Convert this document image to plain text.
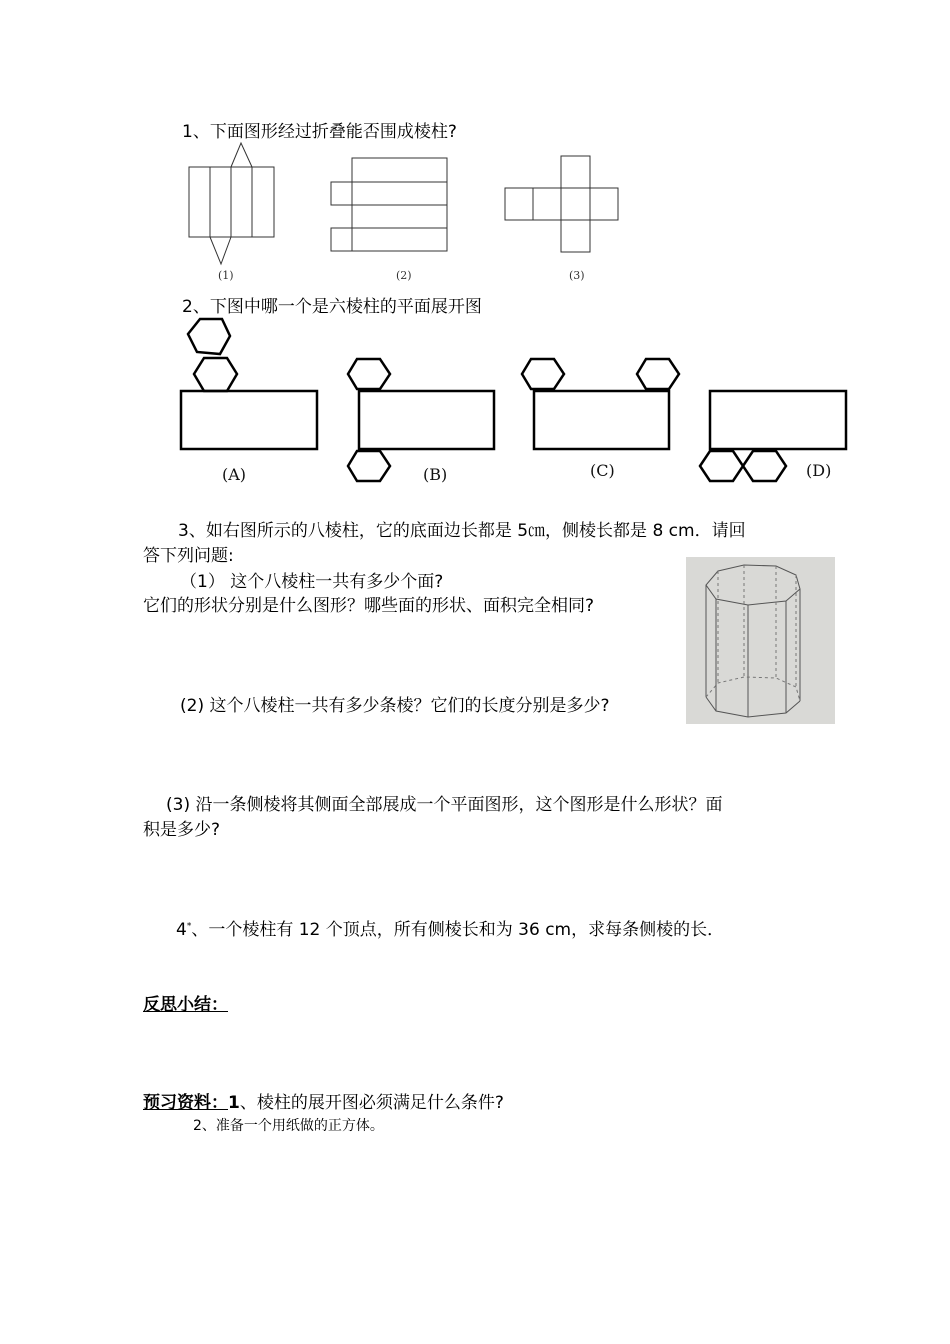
1、下面图形经过折叠能否围成棱柱?
(1)	(2)	(3)
2、下图中哪一个是六棱柱的平面展开图
(A)	(B)	(C)	(D)
3、如右图所示的八棱柱，它的底面边长都是 5㎝，侧棱长都是 8 cm．请回
答下列问题:
（1） 这个八棱柱一共有多少个面?
它们的形状分别是什么图形？哪些面的形状、面积完全相同?
(2) 这个八棱柱一共有多少条棱？它们的长度分别是多少?
(3) 沿一条侧棱将其侧面全部展成一个平面图形，这个图形是什么形状？面
积是多少?
4*、一个棱柱有 12 个顶点，所有侧棱长和为 36 cm，求每条侧棱的长．
反思小结：
预习资料：1、棱柱的展开图必须满足什么条件?
2、准备一个用纸做的正方体。
